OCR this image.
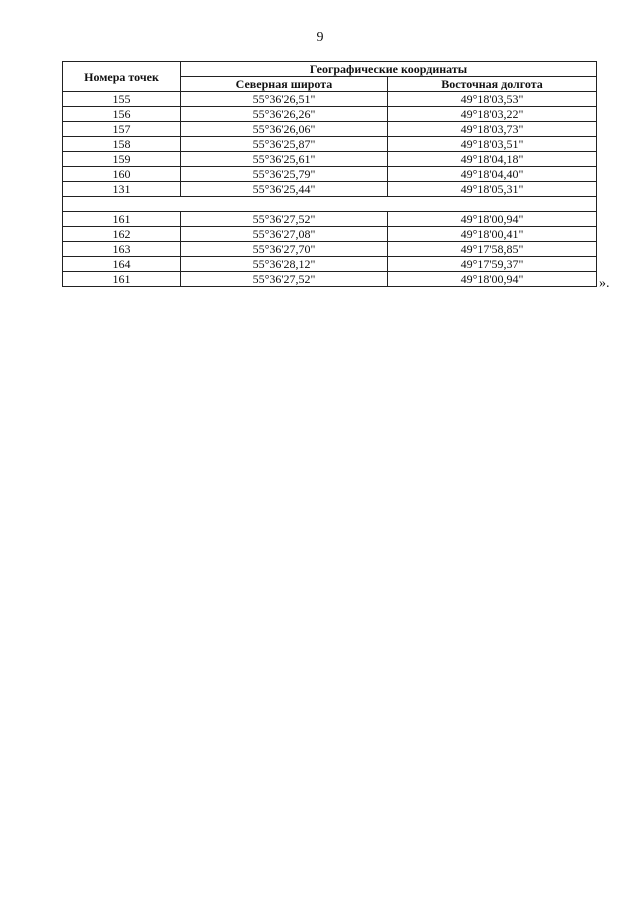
9
Номера точек	Географические координаты	
	Северная широта	Восточная долгота
155	55°36'26,51"	49°18'03,53"
156	55°36'26,26"	49°18'03,22"
157	55°36'26,06"	49°18'03,73"
158	55°36'25,87"	49°18'03,51"
159	55°36'25,61"	49°18'04,18"
160	55°36'25,79"	49°18'04,40"
131	55°36'25,44"	49°18'05,31"

161	55°36'27,52"	49°18'00,94"
162	55°36'27,08"	49°18'00,41"
163	55°36'27,70"	49°17'58,85"
164	55°36'28,12"	49°17'59,37"
161	55°36'27,52"	49°18'00,94"	».
